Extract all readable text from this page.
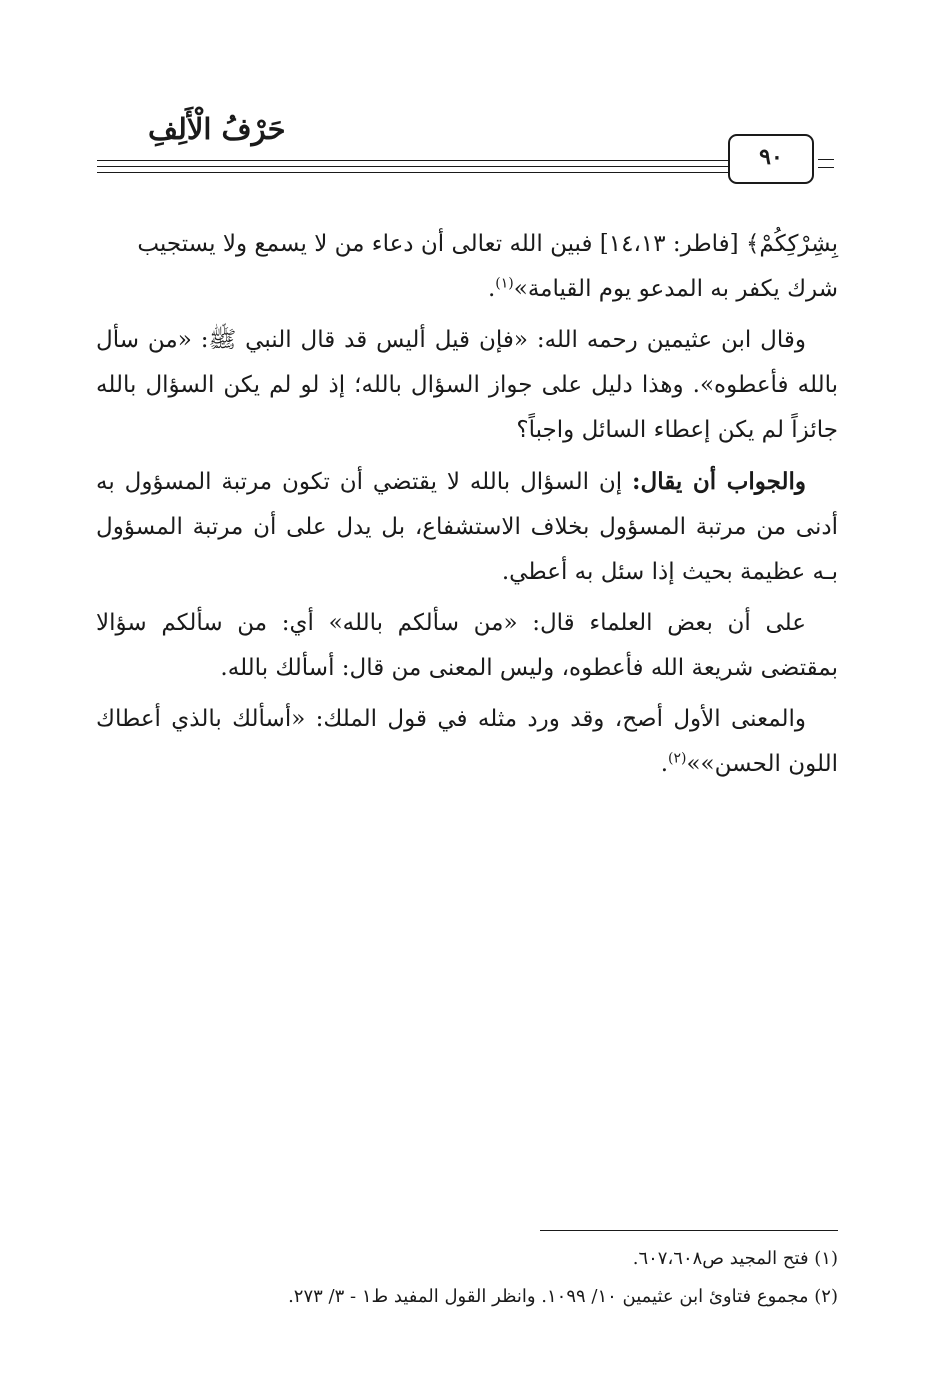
حَرْفُ الْأَلِفِ
٩٠

بِشِرْكِكُمْ﴾ [فاطر: ١٤،١٣] فبين الله تعالى أن دعاء من لا يسمع ولا يستجيب
شرك يكفر به المدعو يوم القيامة»$^{(١)}$.

وقال ابن عثيمين رحمه الله: «فإن قيل أليس قد قال النبي ﷺ: «من سأل بالله فأعطوه». وهذا دليل على جواز السؤال بالله؛ إذ لو لم يكن السؤال بالله جائزاً لم يكن إعطاء السائل واجباً؟

والجواب أن يقال: إن السؤال بالله لا يقتضي أن تكون مرتبة المسؤول به أدنى من مرتبة المسؤول بخلاف الاستشفاع، بل يدل على أن مرتبة المسؤول بـه عظيمة بحيث إذا سئل به أعطي.

على أن بعض العلماء قال: «من سألكم بالله» أي: من سألكم سؤالا بمقتضى شريعة الله فأعطوه، وليس المعنى من قال: أسألك بالله.

والمعنى الأول أصح، وقد ورد مثله في قول الملك: «أسألك بالذي أعطاك اللون الحسن»»$^{(٢)}$.

(١) فتح المجيد ص٦٠٧،٦٠٨.

(٢) مجموع فتاوئ ابن عثيمين ١٠/ ١٠٩٩. وانظر القول المفيد ط١ - ٣/ ٢٧٣.
